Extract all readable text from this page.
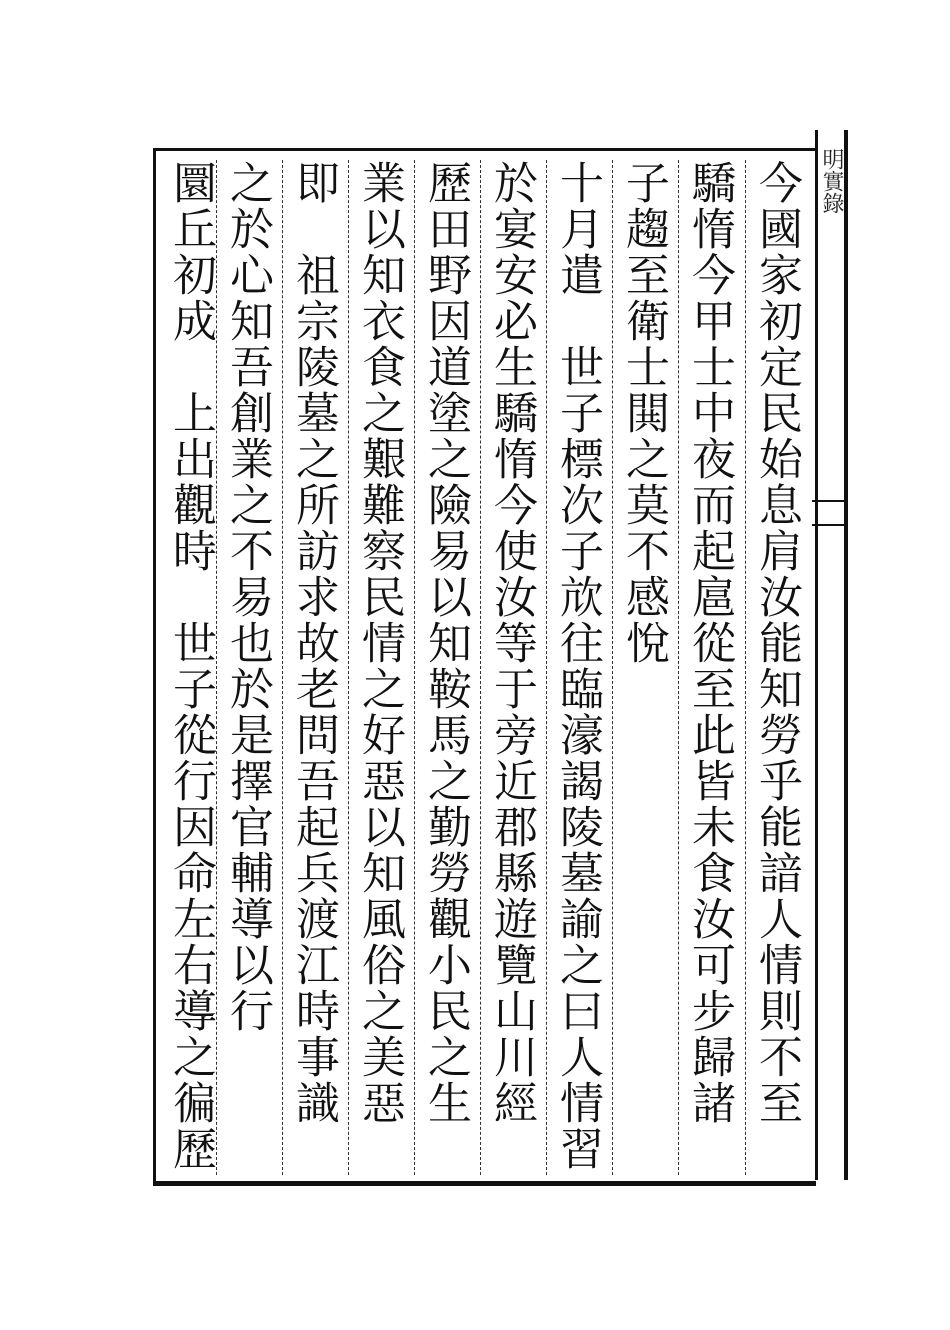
明實錄
今國家初定民始息肩汝能知勞乎能諳人情則不至
驕惰今甲士中夜而起扈從至此皆未食汝可步歸諸
子趨至衛士閧之莫不感悅
十月遣　世子標次子㰠往臨濠謁陵墓諭之曰人情習
於宴安必生驕惰今使汝等于旁近郡縣遊覽山川經
歷田野因道塗之險易以知鞍馬之勤勞觀小民之生
業以知衣食之艱難察民情之好惡以知風俗之美惡
即　祖宗陵墓之所訪求故老問吾起兵渡江時事識
之於心知吾創業之不易也於是擇官輔導以行
圜丘初成　上出觀時　世子從行因命左右導之徧歷
